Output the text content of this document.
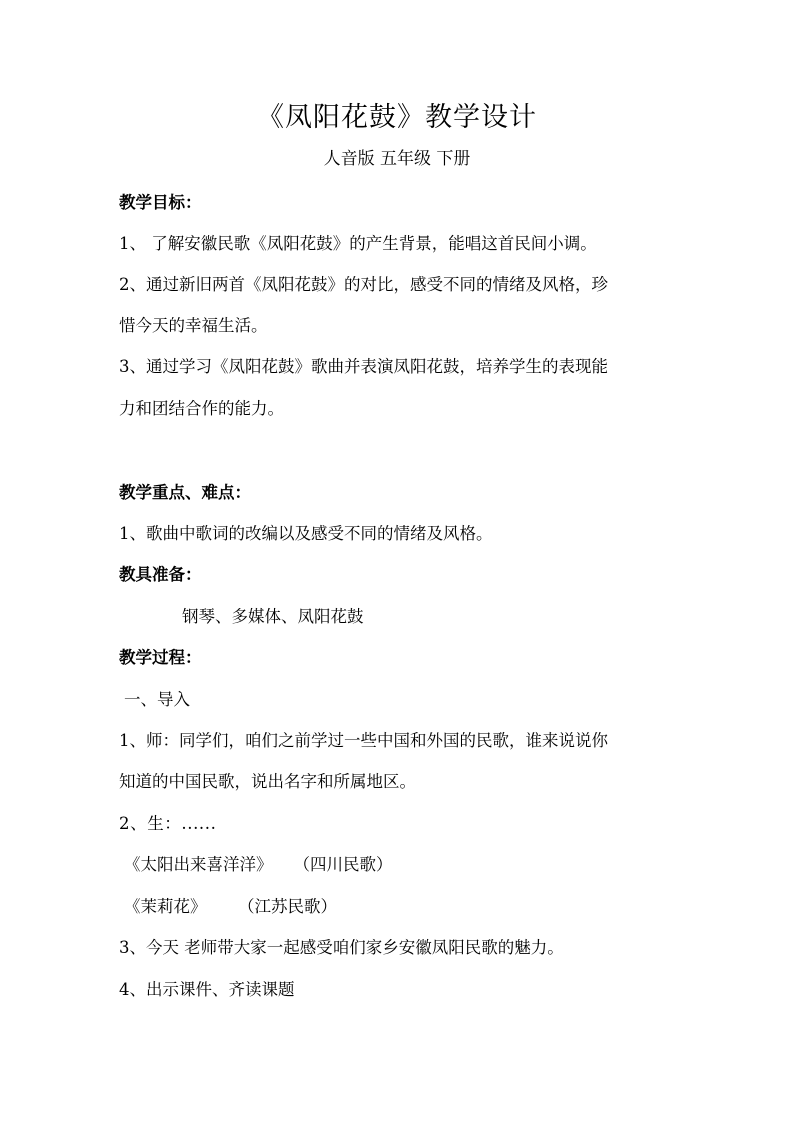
《凤阳花鼓》教学设计
人音版 五年级 下册
教学目标：
1、 了解安徽民歌《凤阳花鼓》的产生背景，能唱这首民间小调。
2、通过新旧两首《凤阳花鼓》的对比，感受不同的情绪及风格，珍
惜今天的幸福生活。
3、通过学习《凤阳花鼓》歌曲并表演凤阳花鼓，培养学生的表现能
力和团结合作的能力。
教学重点、难点：
1、歌曲中歌词的改编以及感受不同的情绪及风格。
教具准备：
钢琴、多媒体、凤阳花鼓
教学过程：
一、导入
1、师：同学们，咱们之前学过一些中国和外国的民歌，谁来说说你
知道的中国民歌，说出名字和所属地区。
2、生：......
《太阳出来喜洋洋》    （四川民歌）
《茉莉花》      （江苏民歌）
3、今天 老师带大家一起感受咱们家乡安徽凤阳民歌的魅力。
4、出示课件、齐读课题
